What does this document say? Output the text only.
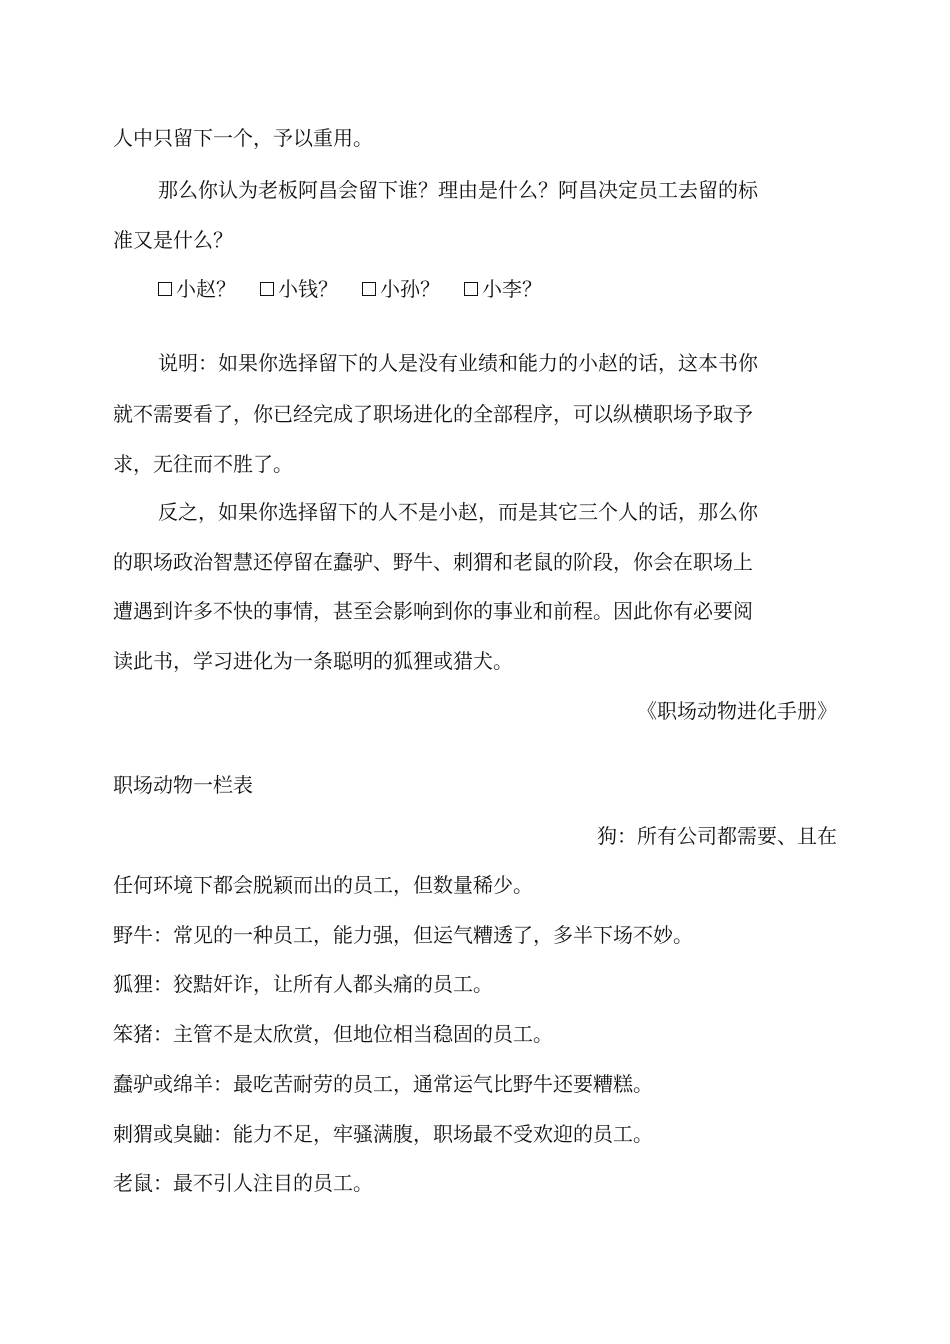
人中只留下一个，予以重用。
那么你认为老板阿昌会留下谁？理由是什么？阿昌决定员工去留的标
准又是什么？
小赵？ 小钱？ 小孙？ 小李？
说明：如果你选择留下的人是没有业绩和能力的小赵的话，这本书你
就不需要看了，你已经完成了职场进化的全部程序，可以纵横职场予取予
求，无往而不胜了。
反之，如果你选择留下的人不是小赵，而是其它三个人的话，那么你
的职场政治智慧还停留在蠢驴、野牛、刺猬和老鼠的阶段，你会在职场上
遭遇到许多不快的事情，甚至会影响到你的事业和前程。因此你有必要阅
读此书，学习进化为一条聪明的狐狸或猎犬。
《职场动物进化手册》
职场动物一栏表
狗：所有公司都需要、且在
任何环境下都会脱颖而出的员工，但数量稀少。
野牛：常见的一种员工，能力强，但运气糟透了，多半下场不妙。
狐狸：狡黠奸诈，让所有人都头痛的员工。
笨猪：主管不是太欣赏，但地位相当稳固的员工。
蠢驴或绵羊：最吃苦耐劳的员工，通常运气比野牛还要糟糕。
刺猬或臭鼬：能力不足，牢骚满腹，职场最不受欢迎的员工。
老鼠：最不引人注目的员工。
